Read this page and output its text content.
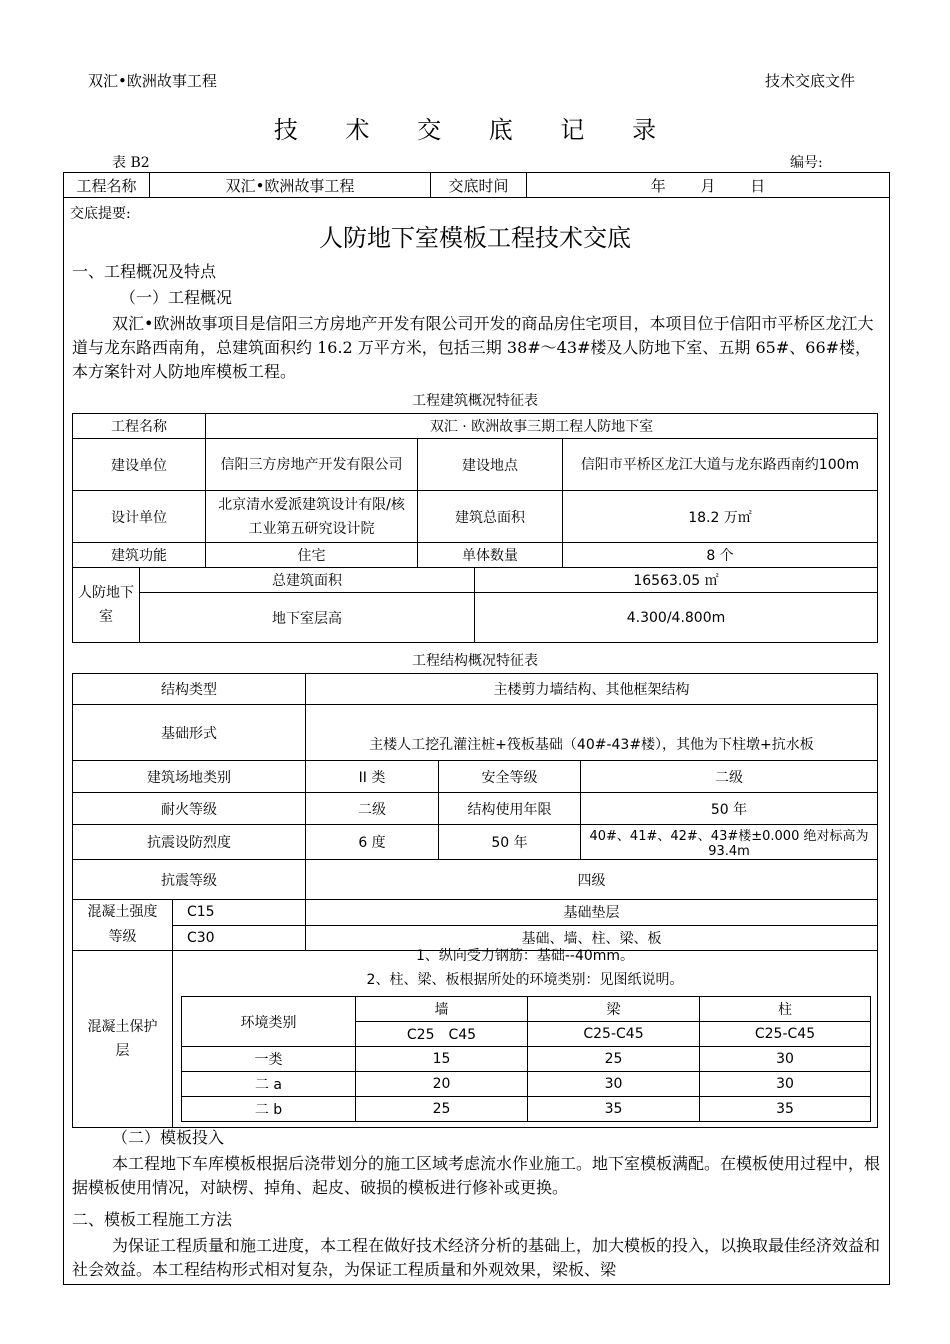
双汇•欧洲故事工程	技术交底文件
技 术 交 底 记 录
表 B2	编号:
工程名称	双汇•欧洲故事工程	交底时间	年 月 日
交底提要:
人防地下室模板工程技术交底
一、工程概况及特点
（一）工程概况
双汇•欧洲故事项目是信阳三方房地产开发有限公司开发的商品房住宅项目，本项目位于信阳市平桥区龙江大道与龙东路西南角，总建筑面积约 16.2 万平方米，包括三期 38#～43#楼及人防地下室、五期 65#、66#楼，本方案针对人防地库模板工程。
工程建筑概况特征表
工程名称		双汇 · 欧洲故事三期工程人防地下室			
建设单位		信阳三方房地产开发有限公司	建设地点		信阳市平桥区龙江大道与龙东路西南约100m
设计单位		北京清水爱派建筑设计有限/核工业第五研究设计院	建筑总面积		18.2 万㎡
建筑功能		住宅	单体数量		8 个
人防地下室	总建筑面积			16563.05 ㎡	
	地下室层高			4.300/4.800m	
工程结构概况特征表
结构类型		主楼剪力墙结构、其他框架结构		
基础形式		主楼人工挖孔灌注桩+筏板基础（40#-43#楼），其他为下柱墩+抗水板		
建筑场地类别		II 类	安全等级	二级
耐火等级		二级	结构使用年限	50 年
抗震设防烈度		6 度	50 年	40#、41#、42#、43#楼±0.000 绝对标高为 93.4m
抗震等级		四级		
混凝土强度等级	C15	基础垫层		
	C30	基础、墙、柱、梁、板		
混凝土保护层				
1、纵向受力钢筋：基础--40mm。
2、柱、梁、板根据所处的环境类别：见图纸说明。
环境类别	墙	梁	柱
	C25　C45	C25-C45	C25-C45
一类	15	25	30
二 a	20	30	30
二 b	25	35	35
（二）模板投入
本工程地下车库模板根据后浇带划分的施工区域考虑流水作业施工。地下室模板满配。在模板使用过程中，根据模板使用情况，对缺楞、掉角、起皮、破损的模板进行修补或更换。
二、模板工程施工方法
为保证工程质量和施工进度，本工程在做好技术经济分析的基础上，加大模板的投入，以换取最佳经济效益和社会效益。本工程结构形式相对复杂，为保证工程质量和外观效果，梁板、梁
